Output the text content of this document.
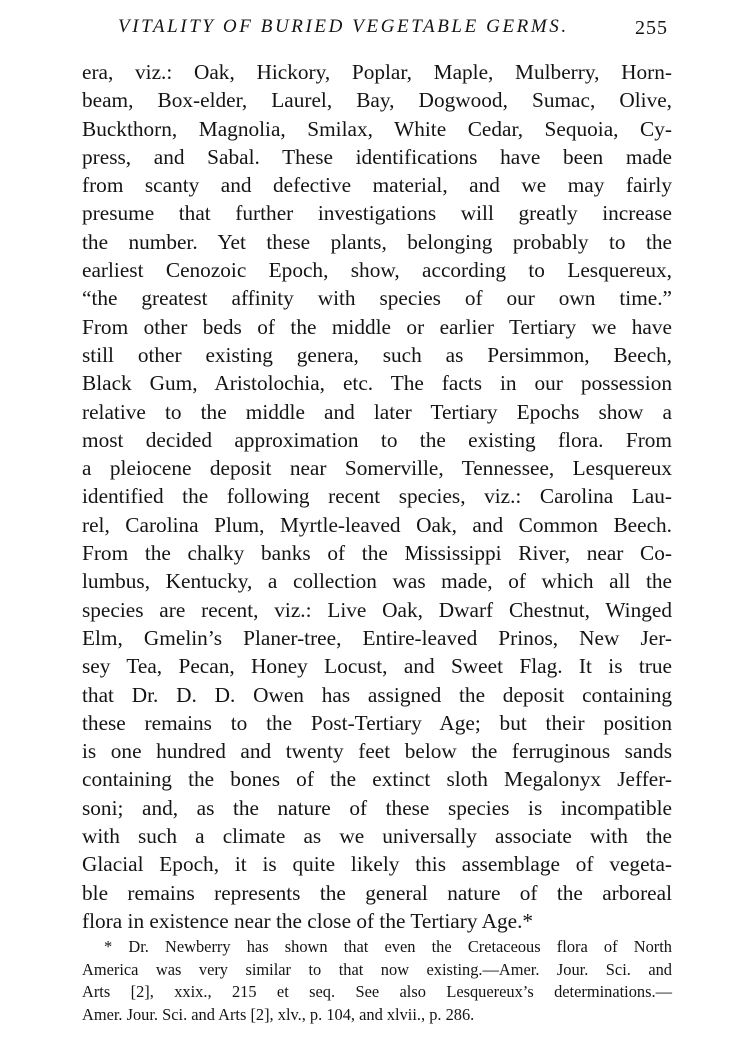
VITALITY OF BURIED VEGETABLE GERMS.	255
era, viz.: Oak, Hickory, Poplar, Maple, Mulberry, Horn-
beam, Box-elder, Laurel, Bay, Dogwood, Sumac, Olive,
Buckthorn, Magnolia, Smilax, White Cedar, Sequoia, Cy-
press, and Sabal. These identifications have been made
from scanty and defective material, and we may fairly
presume that further investigations will greatly increase
the number. Yet these plants, belonging probably to the
earliest Cenozoic Epoch, show, according to Lesquereux,
“the greatest affinity with species of our own time.”
From other beds of the middle or earlier Tertiary we have
still other existing genera, such as Persimmon, Beech,
Black Gum, Aristolochia, etc. The facts in our possession
relative to the middle and later Tertiary Epochs show a
most decided approximation to the existing flora. From
a pleiocene deposit near Somerville, Tennessee, Lesquereux
identified the following recent species, viz.: Carolina Lau-
rel, Carolina Plum, Myrtle-leaved Oak, and Common Beech.
From the chalky banks of the Mississippi River, near Co-
lumbus, Kentucky, a collection was made, of which all the
species are recent, viz.: Live Oak, Dwarf Chestnut, Winged
Elm, Gmelin’s Planer-tree, Entire-leaved Prinos, New Jer-
sey Tea, Pecan, Honey Locust, and Sweet Flag. It is true
that Dr. D. D. Owen has assigned the deposit containing
these remains to the Post-Tertiary Age; but their position
is one hundred and twenty feet below the ferruginous sands
containing the bones of the extinct sloth Megalonyx Jeffer-
soni; and, as the nature of these species is incompatible
with such a climate as we universally associate with the
Glacial Epoch, it is quite likely this assemblage of vegeta-
ble remains represents the general nature of the arboreal
flora in existence near the close of the Tertiary Age.*
* Dr. Newberry has shown that even the Cretaceous flora of North
America was very similar to that now existing.—Amer. Jour. Sci. and
Arts [2], xxix., 215 et seq. See also Lesquereux’s determinations.—
Amer. Jour. Sci. and Arts [2], xlv., p. 104, and xlvii., p. 286.
